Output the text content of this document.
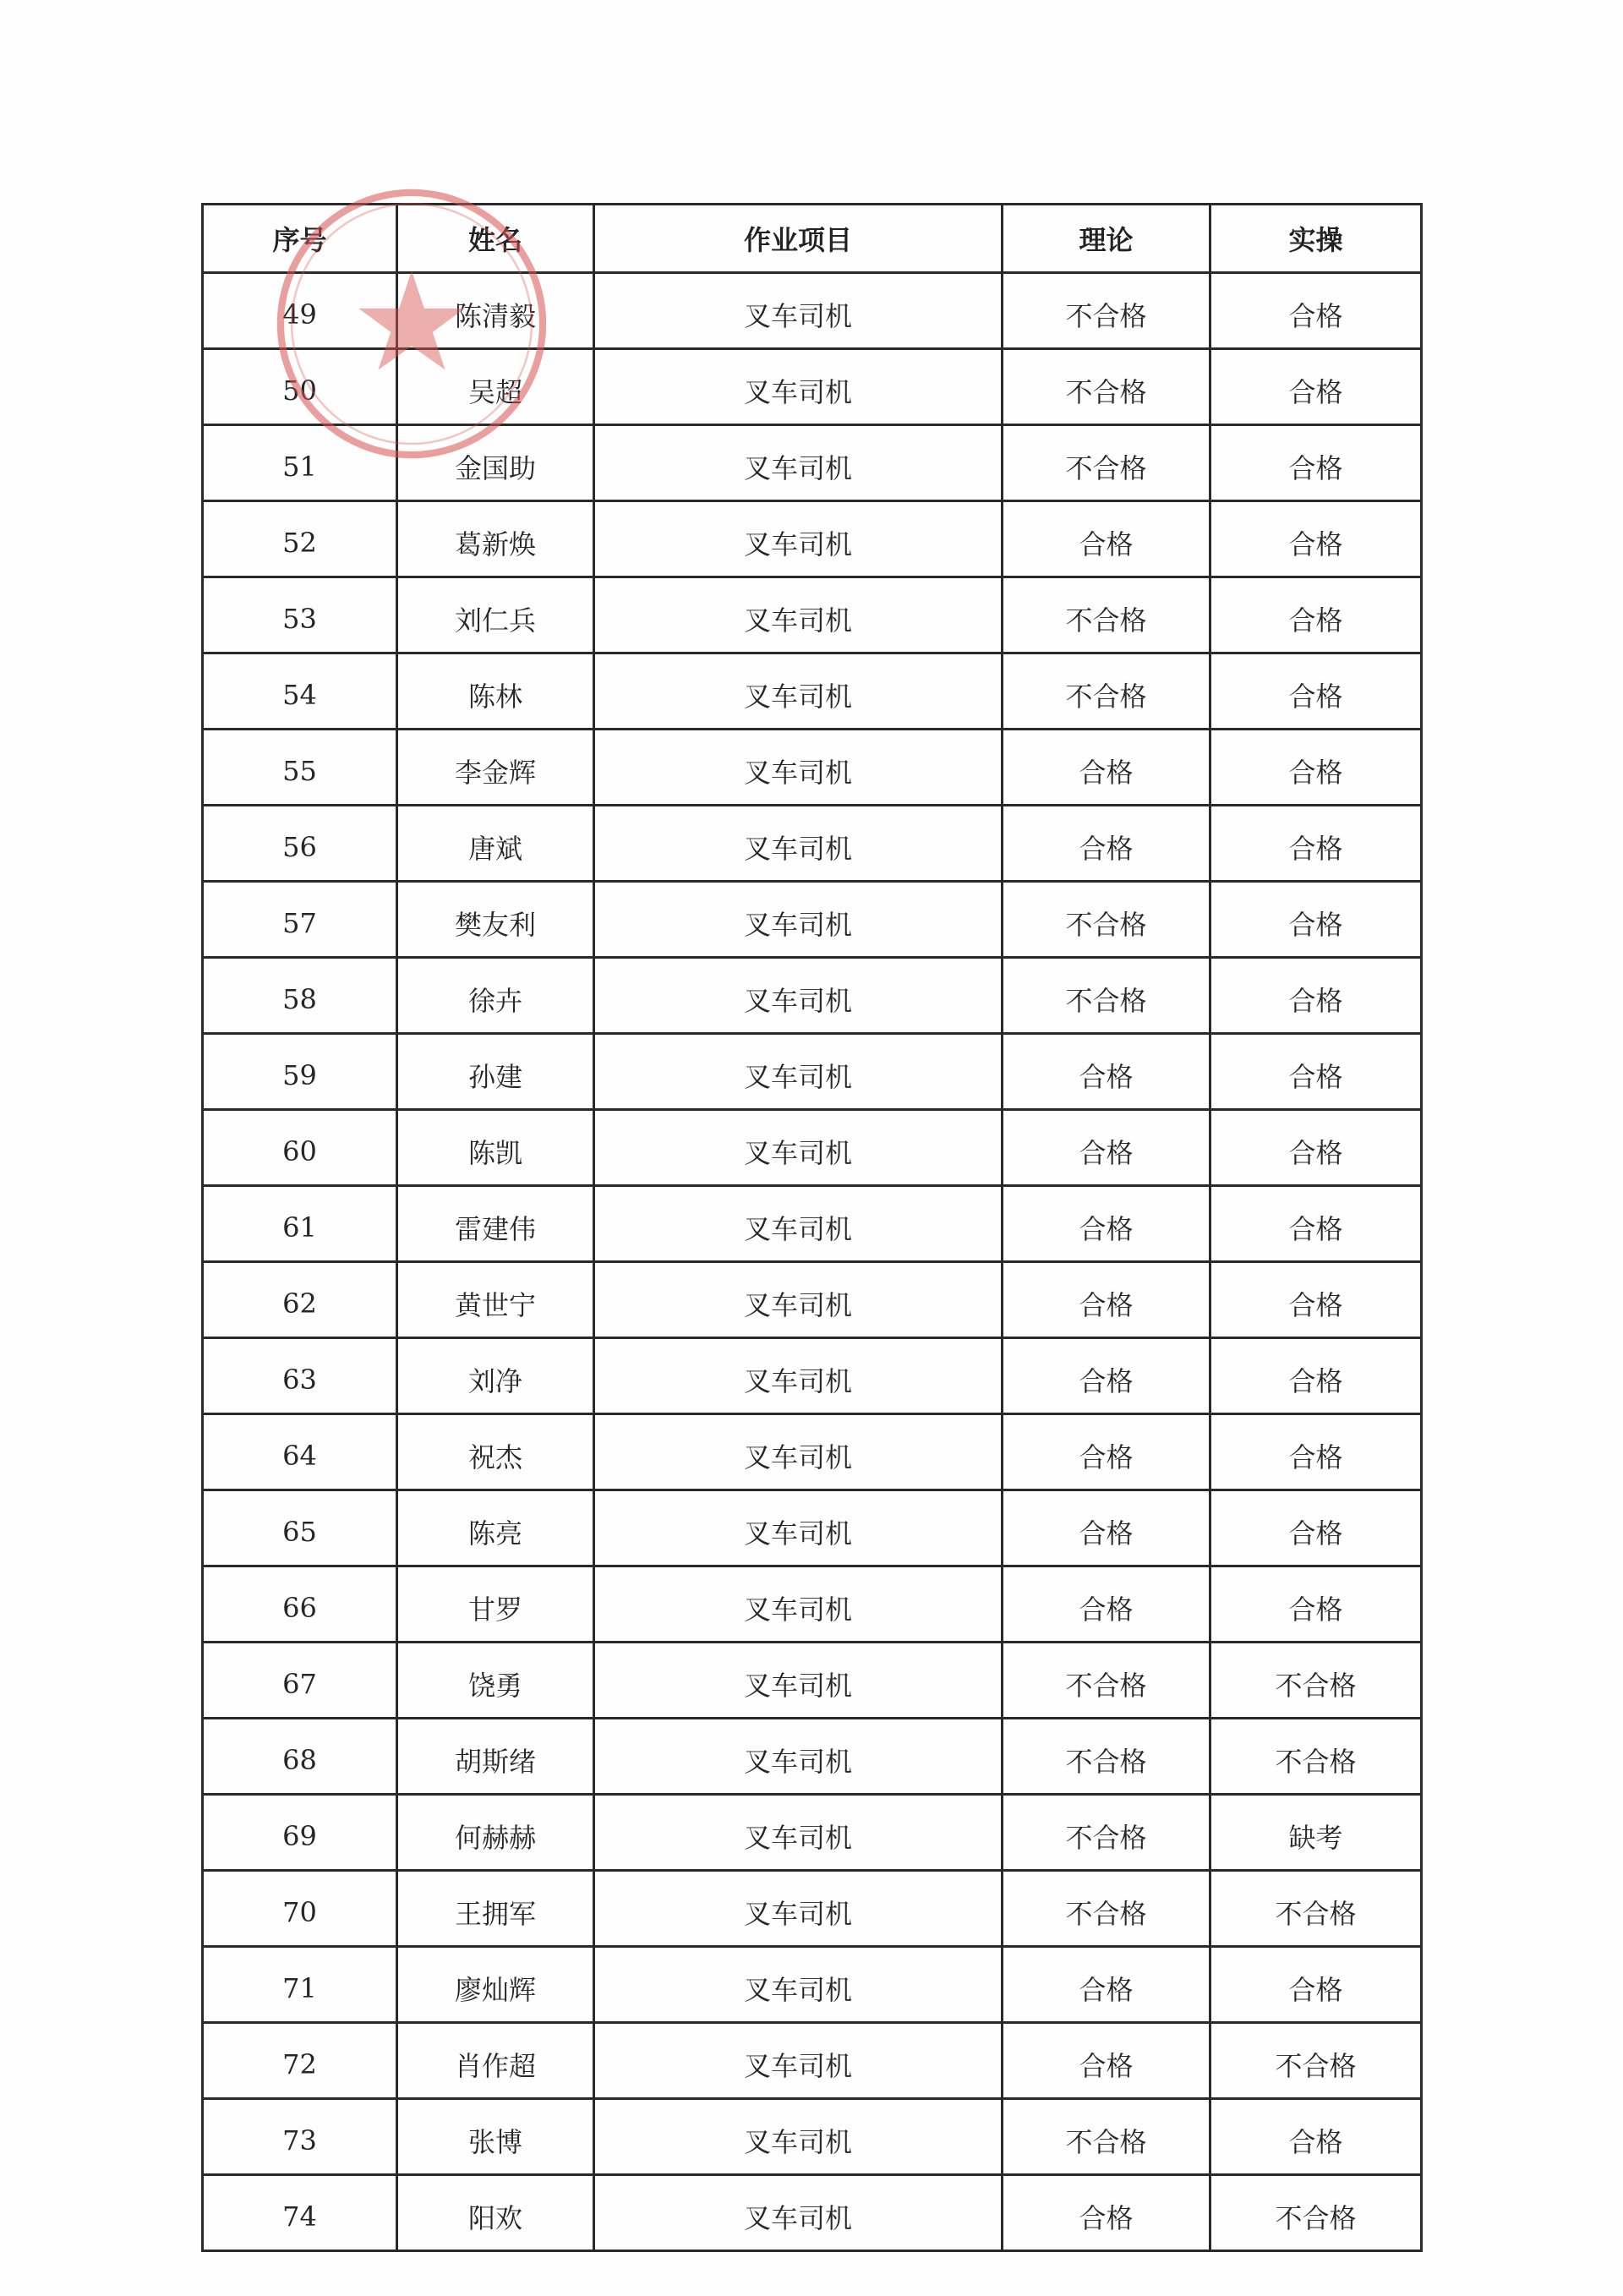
序号	姓名	作业项目	理论	实操
49	陈清毅	叉车司机	不合格	合格
50	吴超	叉车司机	不合格	合格
51	金国助	叉车司机	不合格	合格
52	葛新焕	叉车司机	合格	合格
53	刘仁兵	叉车司机	不合格	合格
54	陈林	叉车司机	不合格	合格
55	李金辉	叉车司机	合格	合格
56	唐斌	叉车司机	合格	合格
57	樊友利	叉车司机	不合格	合格
58	徐卉	叉车司机	不合格	合格
59	孙建	叉车司机	合格	合格
60	陈凯	叉车司机	合格	合格
61	雷建伟	叉车司机	合格	合格
62	黄世宁	叉车司机	合格	合格
63	刘净	叉车司机	合格	合格
64	祝杰	叉车司机	合格	合格
65	陈亮	叉车司机	合格	合格
66	甘罗	叉车司机	合格	合格
67	饶勇	叉车司机	不合格	不合格
68	胡斯绪	叉车司机	不合格	不合格
69	何赫赫	叉车司机	不合格	缺考
70	王拥军	叉车司机	不合格	不合格
71	廖灿辉	叉车司机	合格	合格
72	肖作超	叉车司机	合格	不合格
73	张博	叉车司机	不合格	合格
74	阳欢	叉车司机	合格	不合格
